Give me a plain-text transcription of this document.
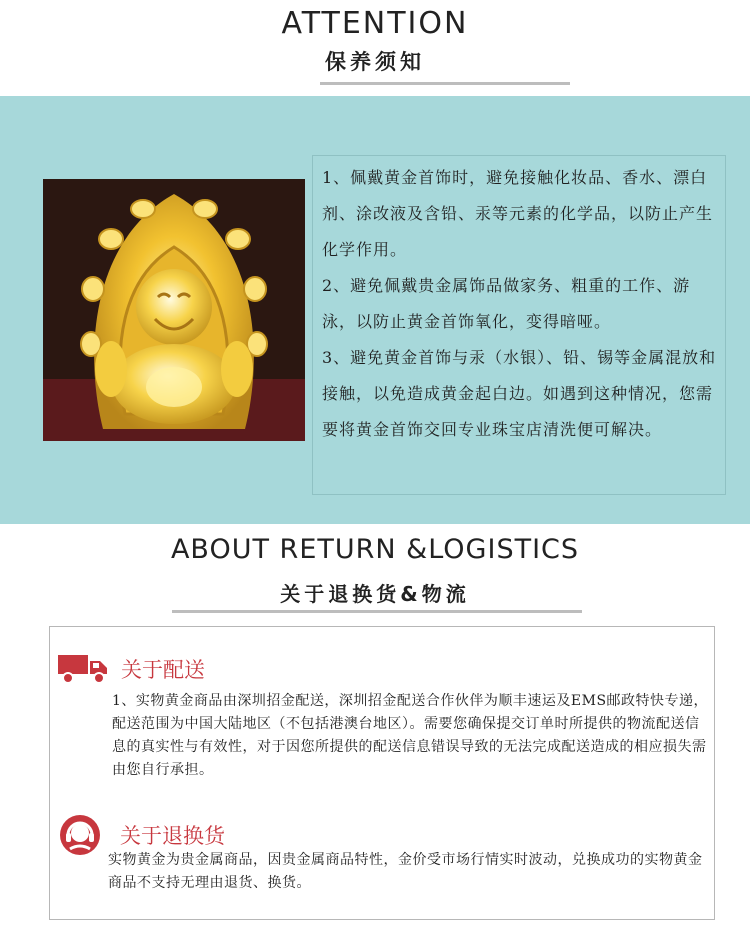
ATTENTION
保养须知

1、佩戴黄金首饰时，避免接触化妆品、香水、漂白剂、涂改液及含铅、汞等元素的化学品，以防止产生化学作用。

2、避免佩戴贵金属饰品做家务、粗重的工作、游泳，以防止黄金首饰氧化，变得暗哑。

3、避免黄金首饰与汞（水银）、铅、锡等金属混放和接触，以免造成黄金起白边。如遇到这种情况，您需要将黄金首饰交回专业珠宝店清洗便可解决。

ABOUT RETURN &LOGISTICS
关于退换货&物流
关于配送
1、实物黄金商品由深圳招金配送，深圳招金配送合作伙伴为顺丰速运及EMS邮政特快专递，配送范围为中国大陆地区（不包括港澳台地区）。需要您确保提交订单时所提供的物流配送信息的真实性与有效性，对于因您所提供的配送信息错误导致的无法完成配送造成的相应损失需由您自行承担。
关于退换货
实物黄金为贵金属商品，因贵金属商品特性，金价受市场行情实时波动，兑换成功的实物黄金商品不支持无理由退货、换货。
